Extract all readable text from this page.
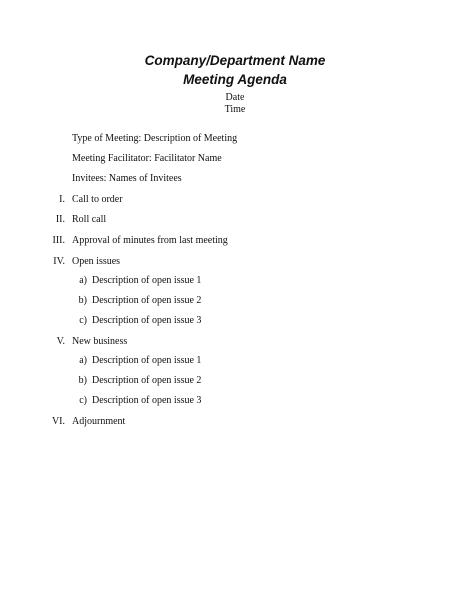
Company/Department Name
Meeting Agenda
Date
Time
Type of Meeting: Description of Meeting
Meeting Facilitator: Facilitator Name
Invitees: Names of Invitees
I. Call to order
II. Roll call
III. Approval of minutes from last meeting
IV. Open issues
a) Description of open issue 1
b) Description of open issue 2
c) Description of open issue 3
V. New business
a) Description of open issue 1
b) Description of open issue 2
c) Description of open issue 3
VI. Adjournment
